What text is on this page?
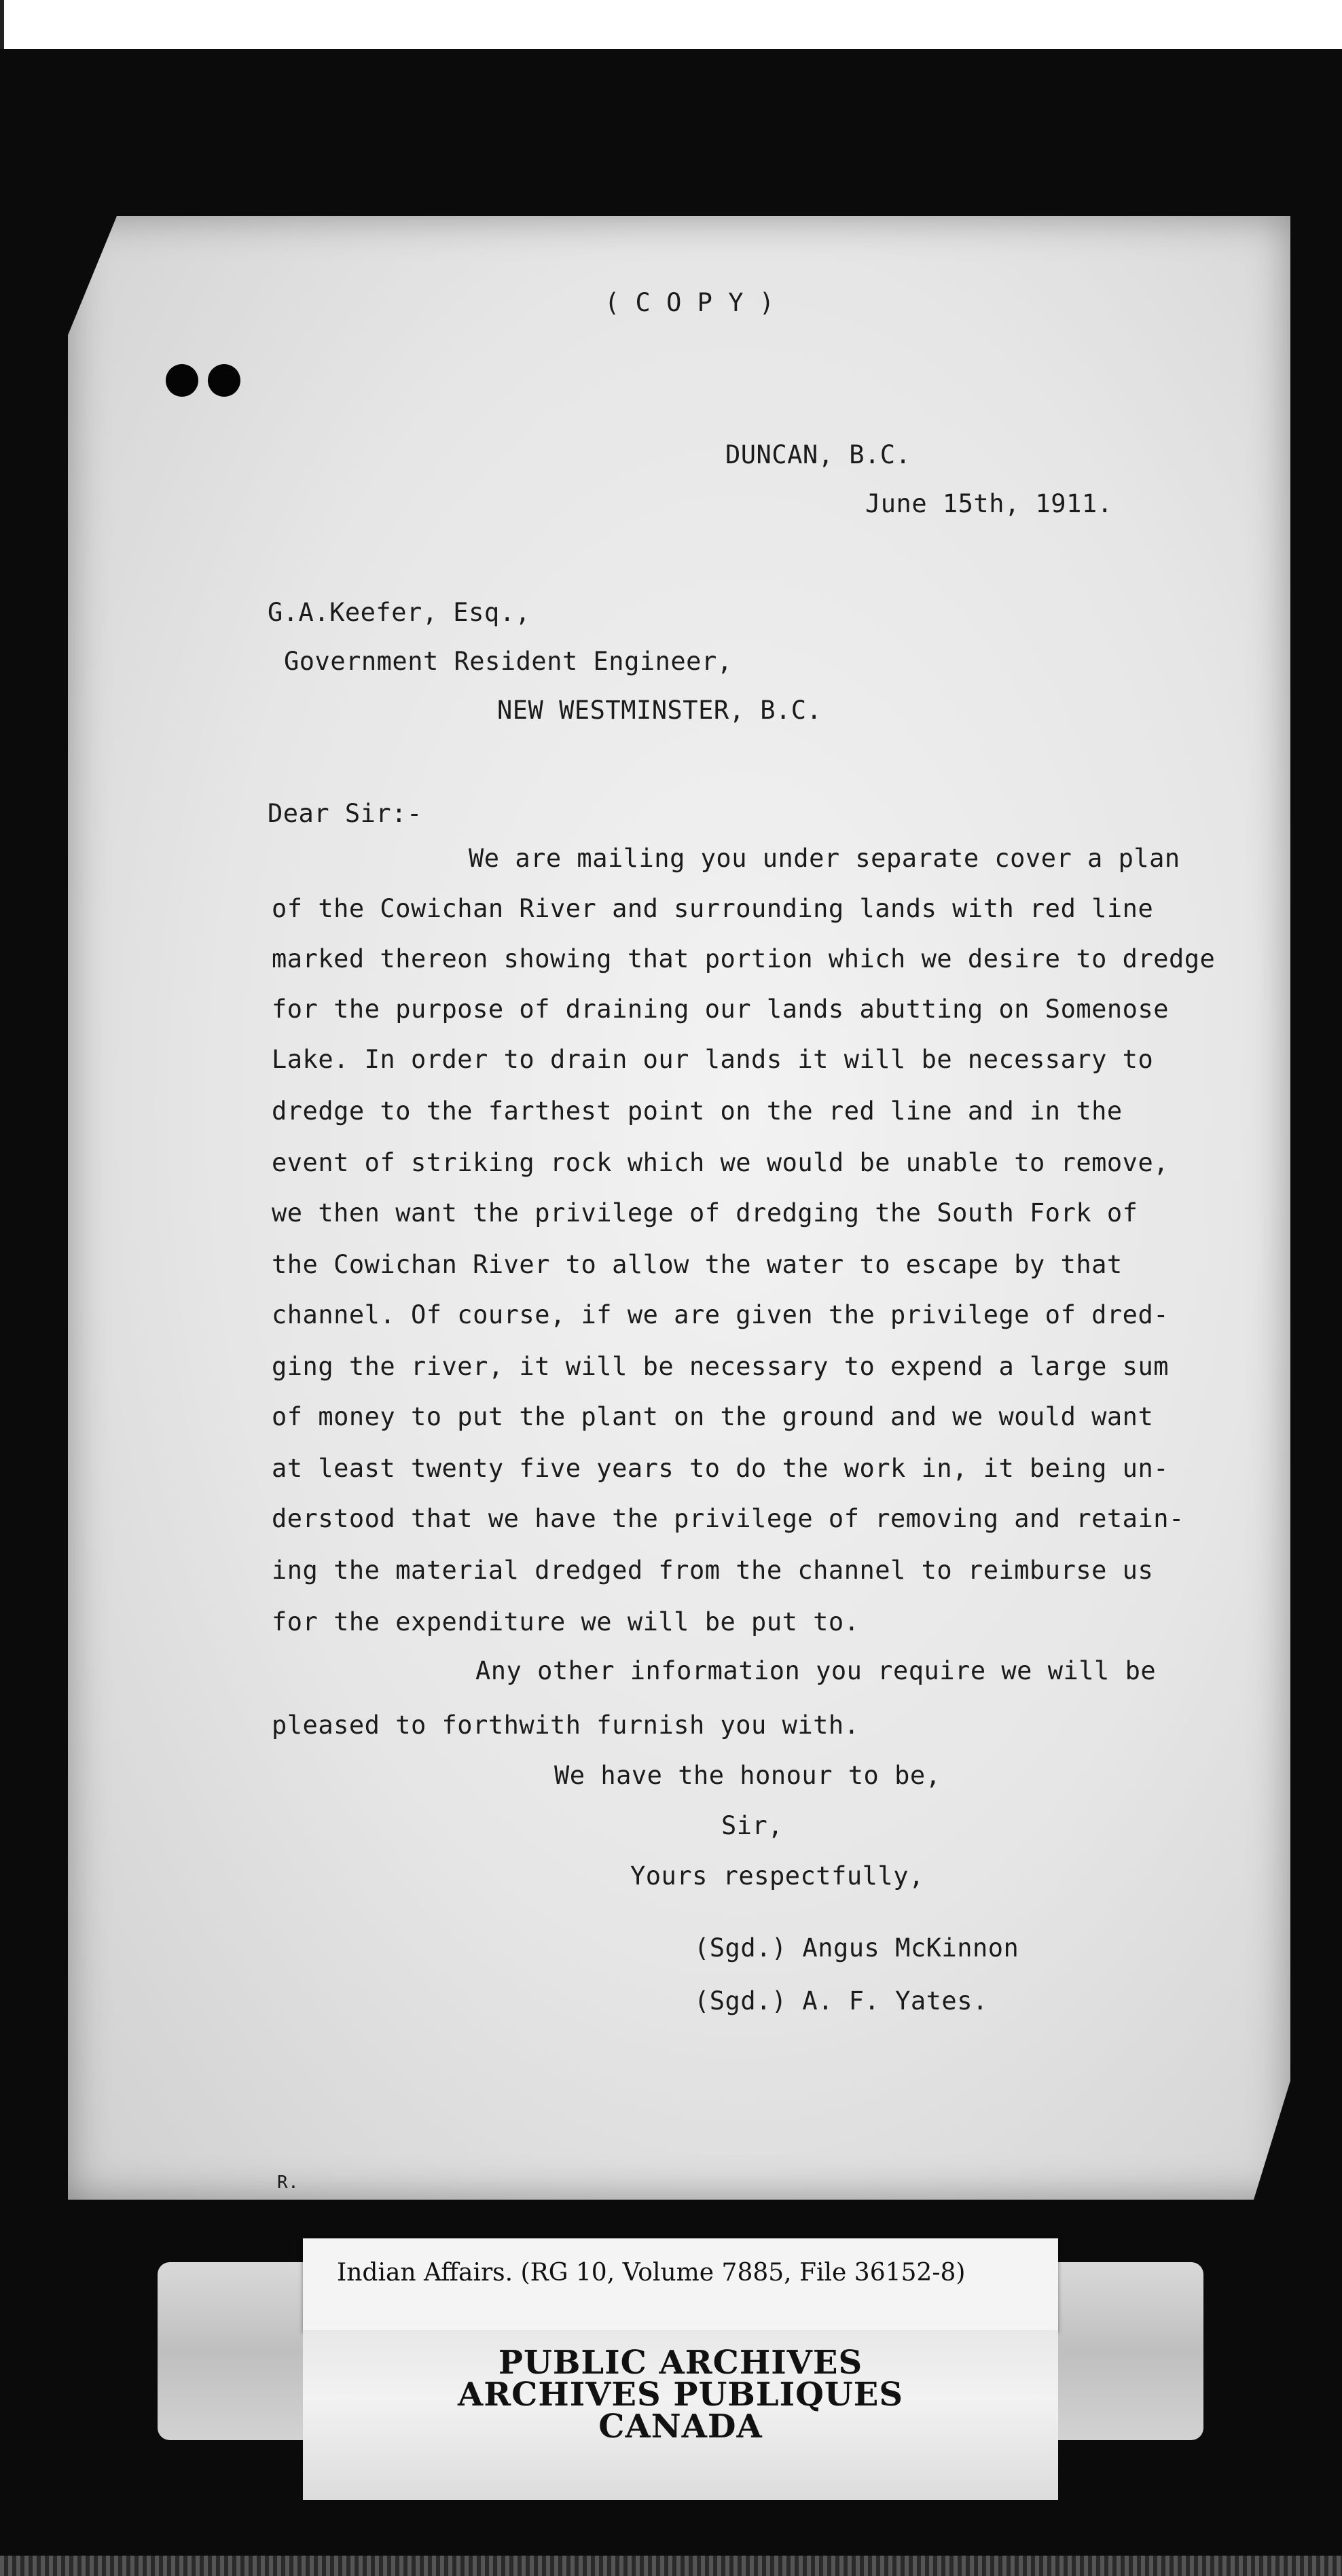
( C O P Y )
DUNCAN, B.C.
June 15th, 1911.
G.A.Keefer, Esq.,
Government Resident Engineer,
NEW WESTMINSTER, B.C.
Dear Sir:-
We are mailing you under separate cover a plan
of the Cowichan River and surrounding lands with red line
marked thereon showing that portion which we desire to dredge
for the purpose of draining our lands abutting on Somenose
Lake. In order to drain our lands it will be necessary to
dredge to the farthest point on the red line and in the
event of striking rock which we would be unable to remove,
we then want the privilege of dredging the South Fork of
the Cowichan River to allow the water to escape by that
channel. Of course, if we are given the privilege of dred-
ging the river, it will be necessary to expend a large sum
of money to put the plant on the ground and we would want
at least twenty five years to do the work in, it being un-
derstood that we have the privilege of removing and retain-
ing the material dredged from the channel to reimburse us
for the expenditure we will be put to.
Any other information you require we will be
pleased to forthwith furnish you with.
We have the honour to be,
Sir,
Yours respectfully,
(Sgd.) Angus McKinnon
(Sgd.) A. F. Yates.
R.
Indian Affairs. (RG 10, Volume 7885, File 36152-8)
PUBLIC ARCHIVES
ARCHIVES PUBLIQUES
CANADA
